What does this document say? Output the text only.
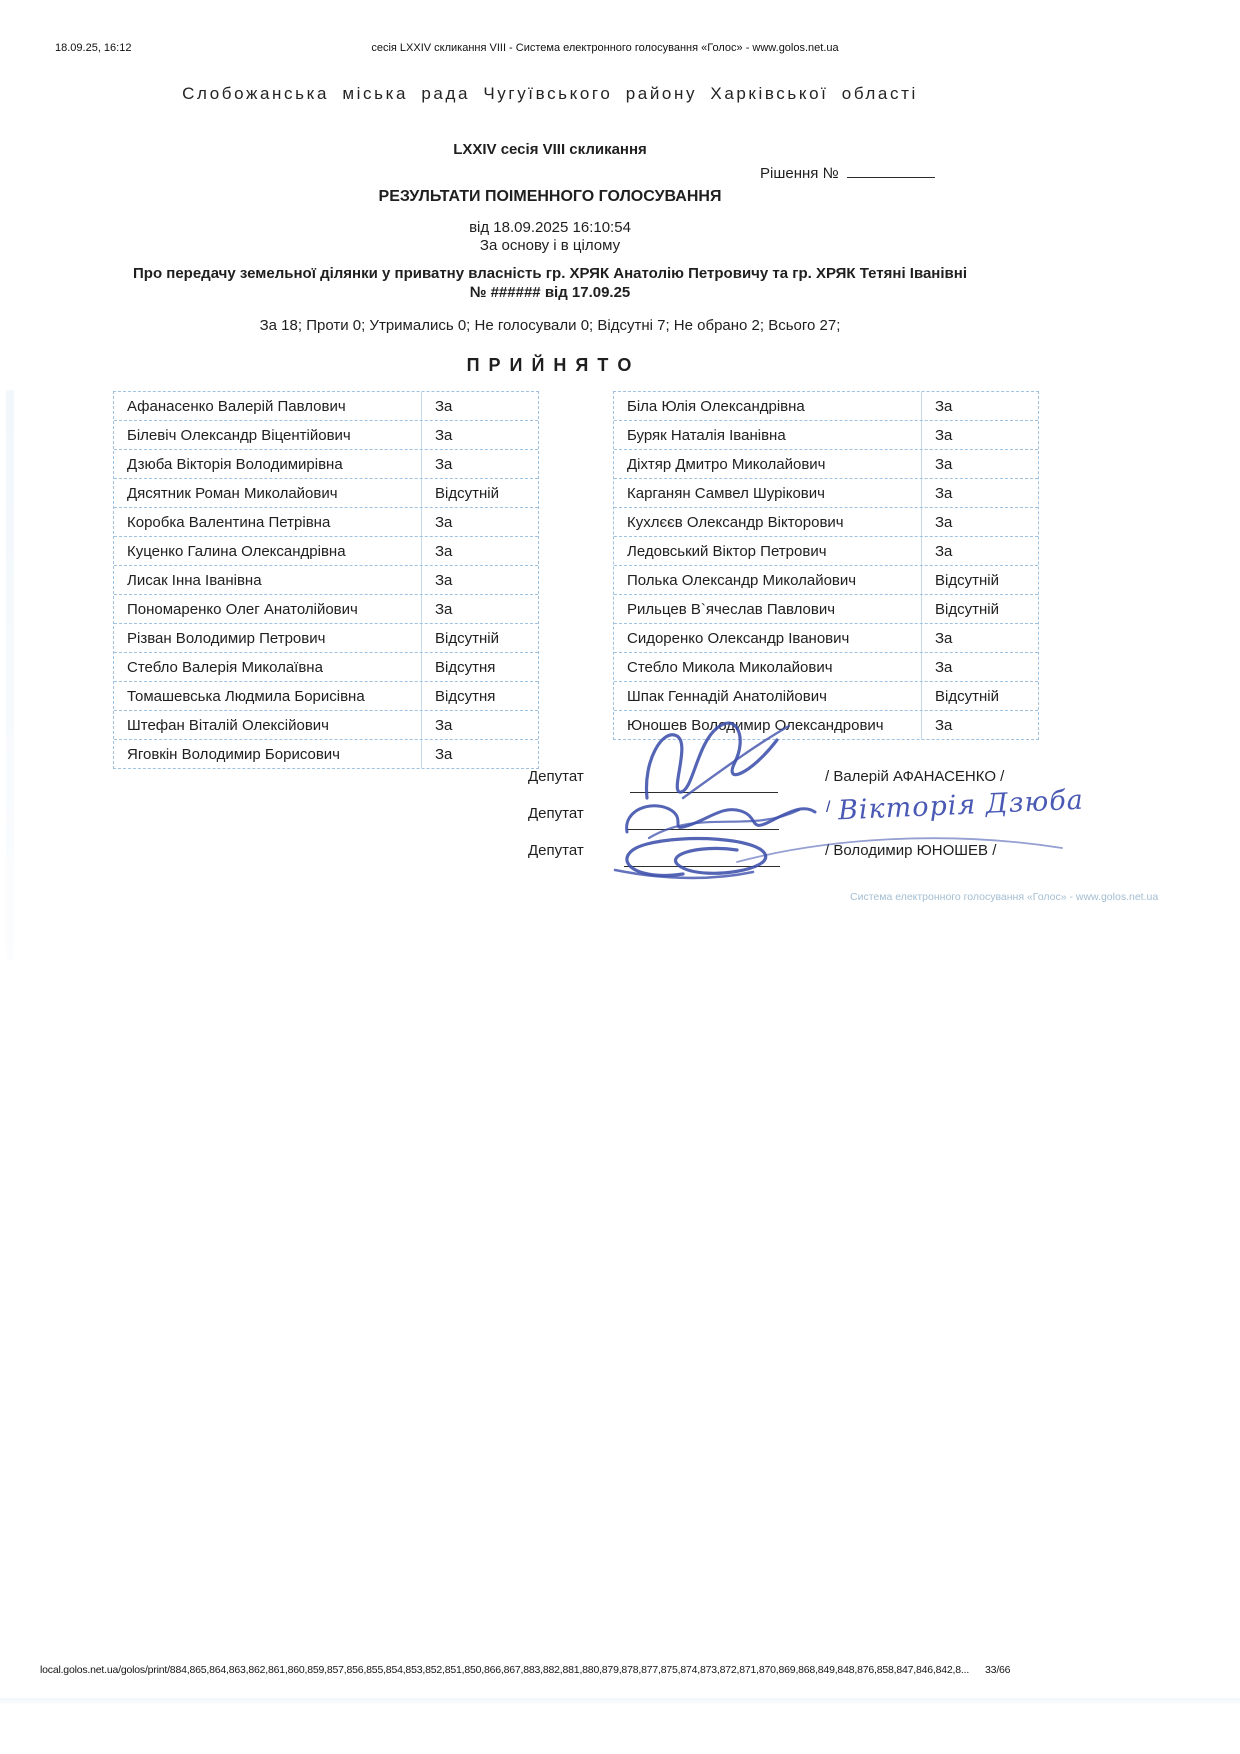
18.09.25, 16:12	сесія LXXIV скликання VIII - Система електронного голосування «Голос» - www.golos.net.ua
Слобожанська міська рада Чугуївського району Харківської області
LXXIV сесія VIII скликання
Рішення №
РЕЗУЛЬТАТИ ПОІМЕННОГО ГОЛОСУВАННЯ
від 18.09.2025 16:10:54
За основу і в цілому
Про передачу земельної ділянки у приватну власність гр. ХРЯК Анатолію Петровичу та гр. ХРЯК Тетяні Іванівні
№ ###### від 17.09.25
За 18; Проти 0; Утримались 0; Не голосували 0; Відсутні 7; Не обрано 2; Всього 27;
П Р И Й Н Я Т О
Афанасенко Валерій Павлович	За
Білевіч Олександр Віцентійович	За
Дзюба Вікторія Володимирівна	За
Дясятник Роман Миколайович	Відсутній
Коробка Валентина Петрівна	За
Куценко Галина Олександрівна	За
Лисак Інна Іванівна	За
Пономаренко Олег Анатолійович	За
Різван Володимир Петрович	Відсутній
Стебло Валерія Миколаївна	Відсутня
Томашевська Людмила Борисівна	Відсутня
Штефан Віталій Олексійович	За
Яговкін Володимир Борисович	За
Біла Юлія Олександрівна	За
Буряк Наталія Іванівна	За
Діхтяр Дмитро Миколайович	За
Карганян Самвел Шурікович	За
Кухлєєв Олександр Вікторович	За
Ледовський Віктор Петрович	За
Полька Олександр Миколайович	Відсутній
Рильцев В`ячеслав Павлович	Відсутній
Сидоренко Олександр Іванович	За
Стебло Микола Миколайович	За
Шпак Геннадій Анатолійович	Відсутній
Юношев Володимир Олександрович	За
Депутат	/ Валерій АФАНАСЕНКО /
Депутат	/ Вікторія Дзюба
Депутат	/ Володимир ЮНОШЕВ /
Система електронного голосування «Голос» - www.golos.net.ua
local.golos.net.ua/golos/print/884,865,864,863,862,861,860,859,857,856,855,854,853,852,851,850,866,867,883,882,881,880,879,878,877,875,874,873,872,871,870,869,868,849,848,876,858,847,846,842,8... 33/66
